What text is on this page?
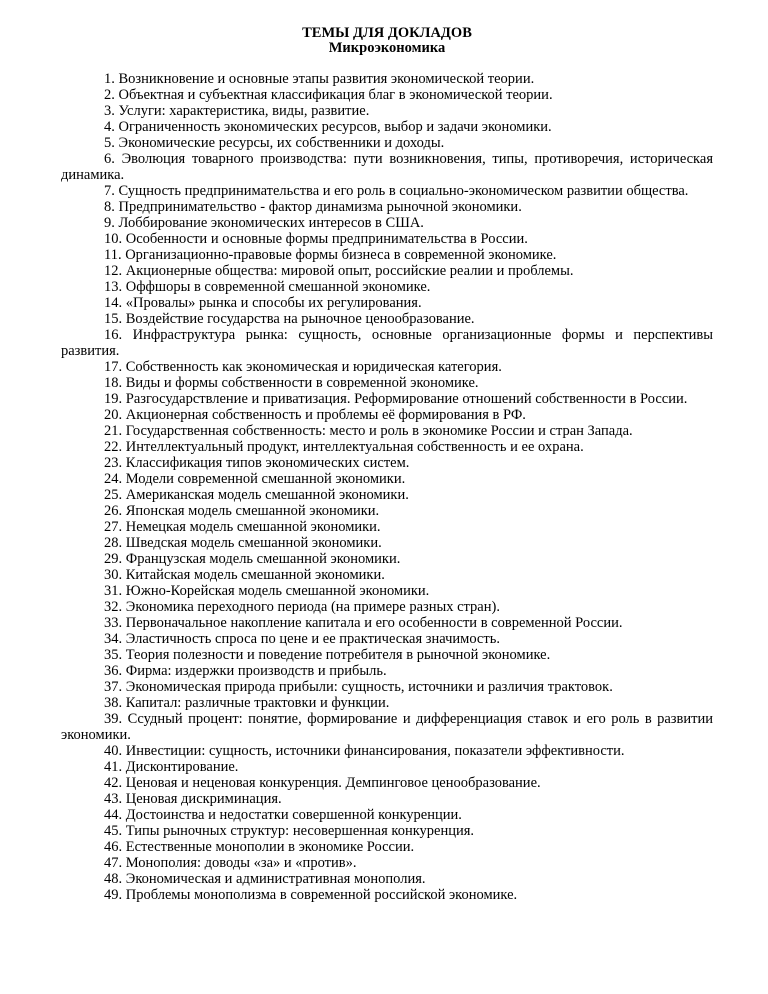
ТЕМЫ ДЛЯ ДОКЛАДОВ
Микроэкономика
1. Возникновение и основные этапы развития экономической теории.
2. Объектная и субъектная классификация благ в экономической теории.
3. Услуги: характеристика, виды, развитие.
4. Ограниченность экономических ресурсов, выбор и задачи экономики.
5. Экономические ресурсы, их собственники и доходы.
6. Эволюция товарного производства: пути возникновения, типы, противоречия, историческая динамика.
7. Сущность предпринимательства и его роль в социально-экономическом развитии общества.
8. Предпринимательство - фактор динамизма рыночной экономики.
9. Лоббирование экономических интересов в США.
10. Особенности и основные формы предпринимательства в России.
11. Организационно-правовые формы бизнеса в современной экономике.
12. Акционерные общества: мировой опыт, российские реалии и проблемы.
13. Оффшоры в современной смешанной экономике.
14. «Провалы» рынка и способы их регулирования.
15. Воздействие государства на рыночное ценообразование.
16. Инфраструктура рынка: сущность, основные организационные формы и перспективы развития.
17. Собственность как экономическая и юридическая категория.
18. Виды и формы собственности в современной экономике.
19. Разгосударствление и приватизация. Реформирование отношений собственности в России.
20. Акционерная собственность и проблемы её формирования в РФ.
21. Государственная собственность: место и роль в экономике России и стран Запада.
22. Интеллектуальный продукт, интеллектуальная собственность и ее охрана.
23. Классификация типов экономических систем.
24. Модели современной смешанной экономики.
25. Американская модель смешанной экономики.
26. Японская модель смешанной экономики.
27. Немецкая модель смешанной экономики.
28. Шведская модель смешанной экономики.
29. Французская модель смешанной экономики.
30. Китайская модель смешанной экономики.
31. Южно-Корейская модель смешанной экономики.
32. Экономика переходного периода (на примере разных стран).
33. Первоначальное накопление капитала и его особенности в современной России.
34. Эластичность спроса по цене и ее практическая значимость.
35. Теория полезности и поведение потребителя в рыночной экономике.
36. Фирма: издержки производств и прибыль.
37. Экономическая природа прибыли: сущность, источники и различия трактовок.
38. Капитал: различные трактовки и функции.
39. Ссудный процент: понятие, формирование и дифференциация ставок и его роль в развитии экономики.
40. Инвестиции: сущность, источники финансирования, показатели эффективности.
41. Дисконтирование.
42. Ценовая и неценовая конкуренция. Демпинговое ценообразование.
43. Ценовая дискриминация.
44. Достоинства и недостатки совершенной конкуренции.
45. Типы рыночных структур: несовершенная конкуренция.
46. Естественные монополии в экономике России.
47. Монополия: доводы «за» и «против».
48. Экономическая и административная монополия.
49. Проблемы монополизма в современной российской экономике.
